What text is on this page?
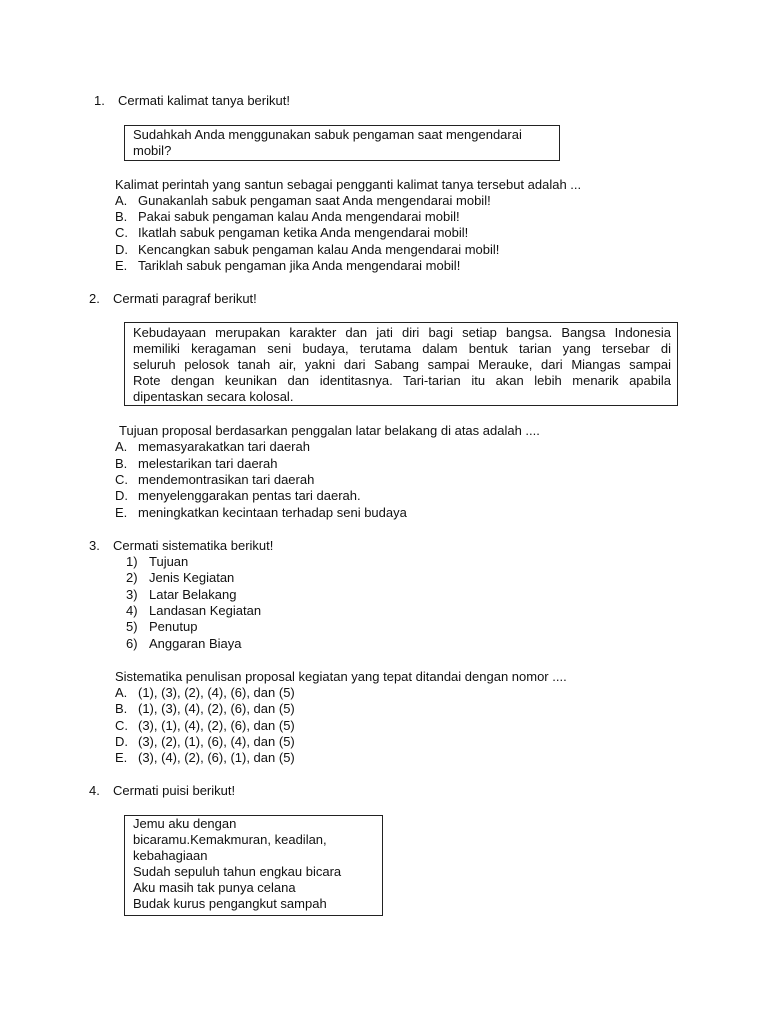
1. Cermati kalimat tanya berikut!
Sudahkah Anda menggunakan sabuk pengaman saat mengendarai
mobil?
Kalimat perintah yang santun sebagai pengganti kalimat tanya tersebut adalah ...
A. Gunakanlah sabuk pengaman saat Anda mengendarai mobil!
B. Pakai sabuk pengaman kalau Anda mengendarai mobil!
C. Ikatlah sabuk pengaman ketika Anda mengendarai mobil!
D. Kencangkan sabuk pengaman kalau Anda mengendarai mobil!
E. Tariklah sabuk pengaman jika Anda mengendarai mobil!
2. Cermati paragraf berikut!
Kebudayaan merupakan karakter dan jati diri bagi setiap bangsa. Bangsa Indonesia
memiliki keragaman seni budaya, terutama dalam bentuk tarian yang tersebar di
seluruh pelosok tanah air, yakni dari Sabang sampai Merauke, dari Miangas sampai
Rote dengan keunikan dan identitasnya. Tari-tarian itu akan lebih menarik apabila
dipentaskan secara kolosal.
Tujuan proposal berdasarkan penggalan latar belakang di atas adalah ....
A. memasyarakatkan tari daerah
B. melestarikan tari daerah
C. mendemontrasikan tari daerah
D. menyelenggarakan pentas tari daerah.
E. meningkatkan kecintaan terhadap seni budaya
3. Cermati sistematika berikut!
1) Tujuan
2) Jenis Kegiatan
3) Latar Belakang
4) Landasan Kegiatan
5) Penutup
6) Anggaran Biaya
Sistematika penulisan proposal kegiatan yang tepat ditandai dengan nomor ....
A. (1), (3), (2), (4), (6), dan (5)
B. (1), (3), (4), (2), (6), dan (5)
C. (3), (1), (4), (2), (6), dan (5)
D. (3), (2), (1), (6), (4), dan (5)
E. (3), (4), (2), (6), (1), dan (5)
4. Cermati puisi berikut!
Jemu aku dengan
bicaramu.Kemakmuran, keadilan,
kebahagiaan
Sudah sepuluh tahun engkau bicara
Aku masih tak punya celana
Budak kurus pengangkut sampah
